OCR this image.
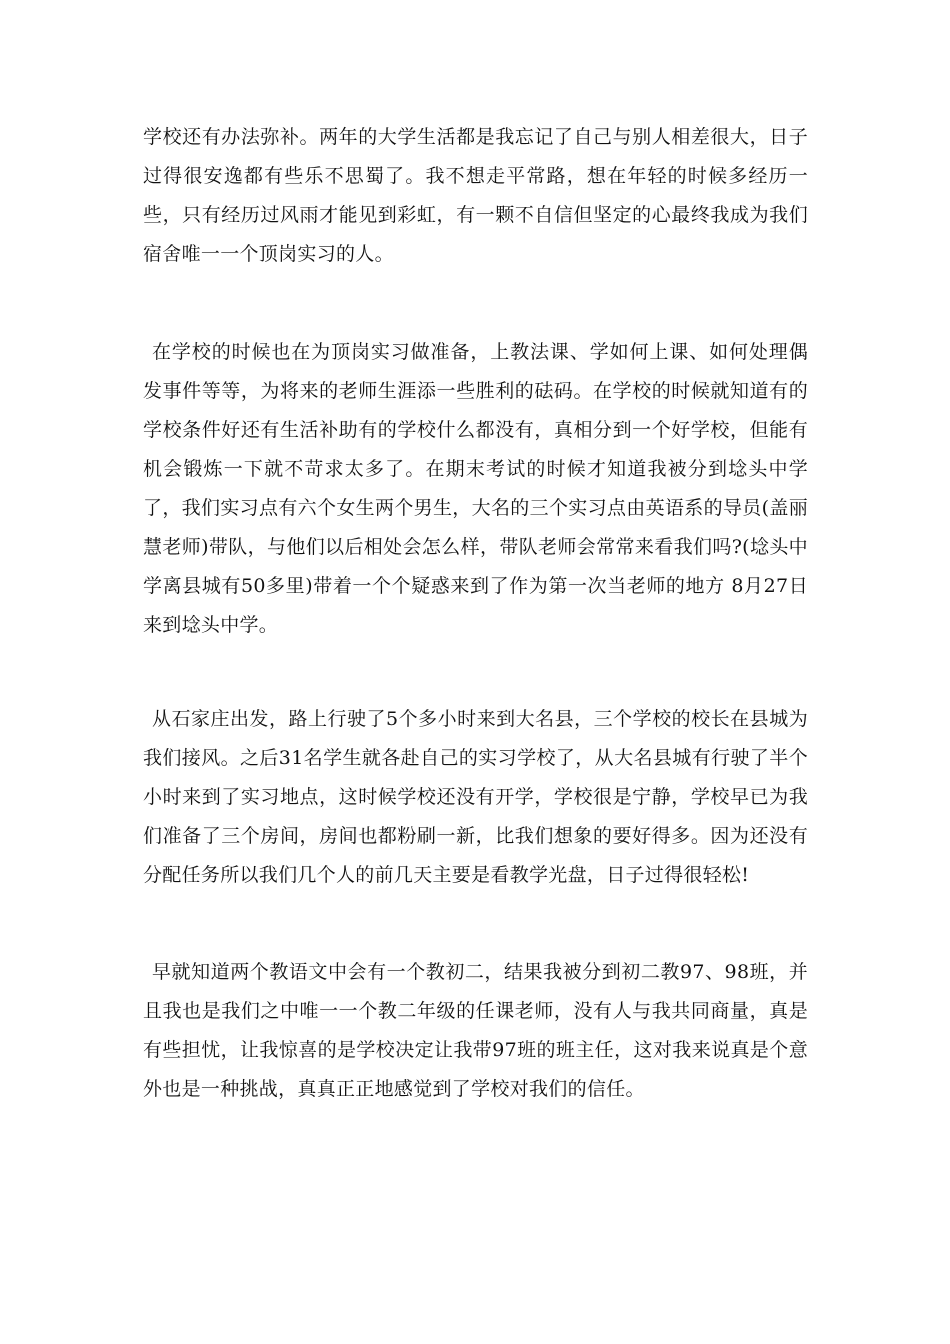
学校还有办法弥补。两年的大学生活都是我忘记了自己与别人相差很大，日子过得很安逸都有些乐不思蜀了。我不想走平常路，想在年轻的时候多经历一些，只有经历过风雨才能见到彩虹，有一颗不自信但坚定的心最终我成为我们宿舍唯一一个顶岗实习的人。

在学校的时候也在为顶岗实习做准备，上教法课、学如何上课、如何处理偶发事件等等，为将来的老师生涯添一些胜利的砝码。在学校的时候就知道有的学校条件好还有生活补助有的学校什么都没有，真相分到一个好学校，但能有机会锻炼一下就不苛求太多了。在期末考试的时候才知道我被分到埝头中学了，我们实习点有六个女生两个男生，大名的三个实习点由英语系的导员(盖丽慧老师)带队，与他们以后相处会怎么样，带队老师会常常来看我们吗?(埝头中学离县城有50多里)带着一个个疑惑来到了作为第一次当老师的地方 8月27日来到埝头中学。

从石家庄出发，路上行驶了5个多小时来到大名县，三个学校的校长在县城为我们接风。之后31名学生就各赴自己的实习学校了，从大名县城有行驶了半个小时来到了实习地点，这时候学校还没有开学，学校很是宁静，学校早已为我们准备了三个房间，房间也都粉刷一新，比我们想象的要好得多。因为还没有分配任务所以我们几个人的前几天主要是看教学光盘，日子过得很轻松!

早就知道两个教语文中会有一个教初二，结果我被分到初二教97、98班，并且我也是我们之中唯一一个教二年级的任课老师，没有人与我共同商量，真是有些担忧，让我惊喜的是学校决定让我带97班的班主任，这对我来说真是个意外也是一种挑战，真真正正地感觉到了学校对我们的信任。
